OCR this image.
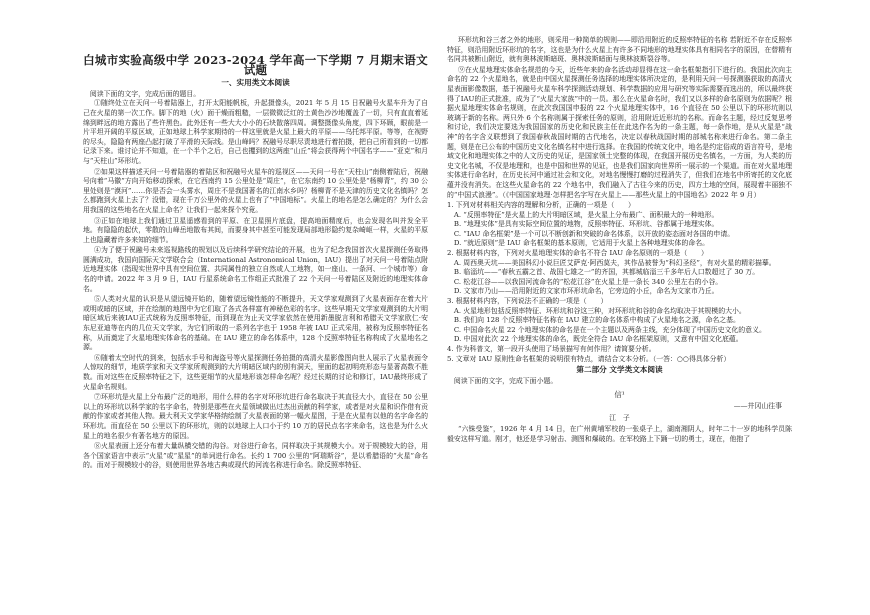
白城市实验高级中学 2023-2024 学年高一下学期 7 月期末语文试题
一、实用类文本阅读

阅读下面的文字，完成后面的题目。

①随终处立在天问一号着陆器上，打开太阳能帆板，升起摄像头，2021 年 5 月 15 日祝融号火星车升为了自己在火星的第一次工作。脚下的地（火）面干燥而粗糙，一层微微泛红的土黄色沙沙地覆盖了一切，只有直直着延绵到畔远的地方露出了些许黑色。此外还有一些大大小小的石块散落四周。调整摄像头角度，四下环顾，眼前是一片平坦开阔的平原区域，正如地球上科学家期待的一样这里就是火星上最大的平原——乌托邦平原。等等，在视野的尽头，隐隐有两座凸起打破了平滑的天际线。是山峰吗？祝融号尽职尽责地进行着拍摄，把自己所看到的一切都记录下来。谁讨论并不知道，在一个半个之后，自己也攫到的这两座“山丘”将会获得两个中国名字——“亚克”和月与“天柱山”环形坑。

②如果这样描述天问一号着陆器的着陆区和祝融号火星车的巡视区——天问一号在“天柱山”南侧着陆后，祝融号向着“马徽”方向开始移动探索，在它西南约 15 公里处是“周庄”，在它东南约 10 公里处是“杨柳青”，约 30 公里处则是“漠河”……你是否会一头雾水，周庄不是我国著名的江南水乡吗？杨柳青不是天津的历史文化名镇吗？怎么都跑到火星上去了？没错，现在千万公里外的火星上也有了“中国地标”。火星上的地名是怎么确定的？为什么会用我国的这些地名在火星上命名？让我们一起来探个究竟。

③正如在地球上我们通过卫星遥感看到的平原、在卫星照片底盘，提高地面精度后，也会发现名叫并发全平地。有隐隐的起伏，零散的山峰岳地散布其间，而要身其中甚至可能发现局部地形隐约复杂崎岖一样，火星的平原上也隐藏着许多来知的细节。

④为了便于祝融号未来巡视路线的规划以及后续科学研究结论的开展，也为了纪念我国首次火星探测任务取得圆满成功，我国向国际天文学联合会（International Astronomical Union，IAU）提出了对天问一号着陆点附近地理实体（指现实世界中具有空间位置、共同属性的独立自然或人工地物，如一座山、一条河、一个城市等）命名的申请。2022 年 3 月 9 日，IAU 行星系统命名工作组正式批准了 22 个天问一号着陆区及附近的地理实体命名。

⑤人类对火星的认识是从望远镜开始的，随着望远镜性能的不断提升，天文学家观测到了火星表面存在着大片或明或暗的区域，并在绘制的地图中为它们取了各式各样富有神秘色彩的名字。这些早期天文学家观测到的大片明暗区域后来被IAU正式统称为反照率特征，而到现在为止天文学家依然在使用新墨脱言利和希腊天文学家欧仁·安东尼亚迪等在内的几位天文学家，为它们所取的一系列名字也于 1958 年被 IAU 正式采用，被称为反照率特征名称，从而奠定了火星地理实体命名的基础。在 IAU 建立的命名体系中，128 个反照率特征名称构成了火星地名之源。

⑥随着太空时代的到来，包括水手号和海盗号等火星探测任务拍摄的高清火星影像图向世人展示了火星表面令人惊叹的细节，地质学家和天文学家所观测到的大片明暗区域内的别有洞天，里面的起初明亮形态与显著高数不胜数。而对这些在反照率特征之下，这些更细节的火星地形该怎样命名呢？经过长期的讨论和修订，IAU最终形成了火星命名规则。

⑦环形坑是火星上分布最广泛的地形，用什么样的名字对环形坑进行命名取决于其直径大小，直径在 50 公里以上的环形坑以科学家的名字命名，特别是那些在火星领域做出过杰出贡献的科学家，或者是对火星和识作借有贡献的作家或者其他人物。最大利天文学家华格纳绘制了火星表面的第一幅火星图，于是在火星有以他的名字命名的环形坑。而直径在 50 公里以下的环形坑，则的以地球上人口小于约 10 万的居民点名字来命名，这也是为什么火星上的地名很少有著名地方的原因。

⑧火星表面上还分布着大量纵横交错的沟谷。对谷进行命名，同样取决于其规模大小。对于规模较大的谷，用各个国家语言中表示“火星”或“星星”的单词进行命名。长约 1 700 公里的“阿瑞斯谷”，是以希腊语的“火星”命名的。而对于规模较小的谷，则使用世界各地古典或现代的河流名称进行命名。除反照率特征、

环形坑和谷三者之外的地形，则采用一种简单的规则——即沿用附近的反照率特征的名称 若附近不存在反照率特征，则沿用附近环形坑的名字，这也是为什么火星上有许多不同地形的地理实体具有相同名字的原因，在替精有名同共被断山附近，就有奥林波斯暗斑、奥林波斯暗面与奥林波斯裂谷等。

⑨在火星地理实体命名规范的今天，近些年来的命名活动却显得在这一命名框架指引下进行的。我国此次向主命名的 22 个火星地名，就是由中国火星探测任务选择的地理实体所决定的，是利用天问一号探测器获取的高清火星表面影像数据，基于祝融号火星车科学探测活动规划、科学数据的应用与研究等实际需要而选出的，所以最终获得了IAU的正式批准，成为了“火星大家族”中的一员。那么在火星命名时，我们又以多样的命名原则为依据呢？根据火星地理实体命名规则，在此次我国国申报的 22 个火星地理实体中，16 个直径在 50 公里以下的环形坑则以玻璃于新的名称。两只外 6 个名称则属于探索任务的原则，沿用附近近形坑的名称。而命名主题，经过反复思考和讨论，我们决定要选为我国国家的历史化和民族主任在此选作名为的一条主题，每一条作地，是从火星是“战神”的名字含义联想到了我国春秋战国时期的古代地名，决定以春秋战国时期的部城名称来进行命名。第二条主题，则是在已公布的中国历史文化名镇名村中进行选择。在我国的传统文化中，地名是约定俗成的语言符号，是地域文化和地理实体之中的人文历史的见证，是国家领土完整的体现，在我国开展历史名镇名，一方面，为人类的历史文化名城，不仅是地理和，也是中国和世界的见证，也是我们国家向世界所一展示的一个渠道。而在对火星地理实体进行命名时，在历史长河中通过社会和文化，对地名慢慢打磨的过程消失了，但我们在地名中所寄托的文化底蕴并没有消失。在这些火星命名的 22 个地名中，我们融入了古往今来的历史，四方土地的空间，展现着丰丽独不的“中国式浪漫”。（《中国国家地理·怎样把名字写在火星上——那些火星上的中国地名》2022 年 9 月）

1. 下列对材料相关内容的理解和分析，正确的一项是（　　）

A. “反照率特征”是火星上的大片明暗区域，是火星上分布最广、面积最大的一种地形。

B. “地理实体”是具有实际空间位置的地物，反照率特征、环形坑、谷都属于地理实体。

C. “IAU 命名框架”是一个可以不断创新和突破的命名体系，以开放的姿态面对各国的申请。

D. “就近原则”是 IAU 命名框架的基本原则，它适用于火星上各种地理实体的命名。

2. 根据材料内容，下列对火星地理实体的命名不符合 IAU 命名原则的一项是（　　）

A. 周西奥天坑——美国科幻小说巨匠艾萨克·阿西莫夫，其作品被誉为“科幻圣经”，有对火星的精彩描摹。

B. 临淄坑——“春秋五霸之首、战国七雄之一”的齐国，其都城临淄三千多年后人口数超过了 30 万。

C. 松花江谷——以我国河流命名的“松花江谷”在火星上是一条长 340 公里左右的小谷。

D. 文家市乃山——沿用附近的文家市环形坑命名，它旁边的小丘，命名为文家市乃丘。

3. 根据材料内容，下列说法不正确的一项是（　　）

A. 火星地形包括反照率特征、环形坑和谷这三种，对环形坑和谷的命名均取决于其规模的大小。

B. 我们向 128 个反照率特征名称在 IAU 建立的命名体系中构成了火星地名之源，命名之基。

C. 中国命名火星 22 个地理实体的命名是在一个主题以及两条主线，充分体现了中国历史文化的意义。

D. 中国对此次 22 个地理实体的命名，既完全符合 IAU 命名框架原则，又意有中国文化底蕴。

4. 作为科普文，第一段开头使用了场景描写有何作用？请简要分析。

5. 文章对 IAU 原则性命名框架的说明很有特点，请结合文本分析。（一答：○○得具体分析）

第二部分 文学类文本阅读

阅读下面的文字，完成下面小题。

信¹
——井冈山往事
江　子

“六铢受鉴”，1926 年 4 月 14 日，在广州黄埔军校的一张桌子上，湖南湘阴人，时年二十一岁的地科学员陈毅安这样写道。刚才，他还是学习射击、测图和爆破的。在军校路上下踊一切的勇士，现在，他抱了
